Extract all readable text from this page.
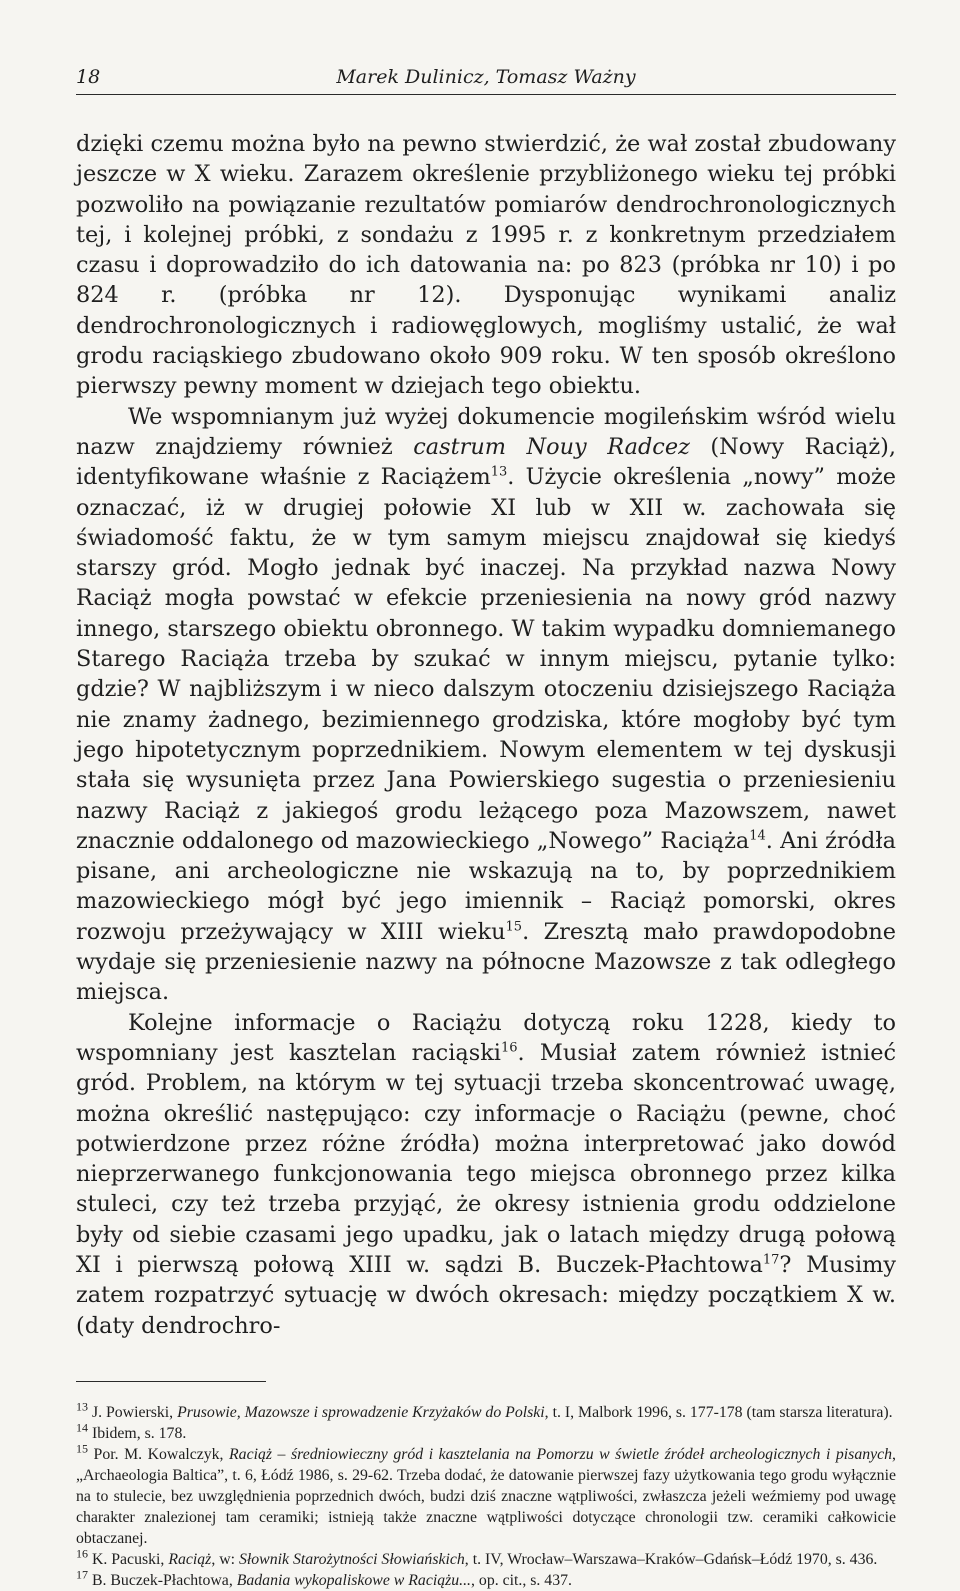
18	Marek Dulinicz, Tomasz Ważny

dzięki czemu można było na pewno stwierdzić, że wał został zbudowany jeszcze w X wieku. Zarazem określenie przybliżonego wieku tej próbki pozwoliło na powiązanie rezultatów pomiarów dendrochronologicznych tej, i kolejnej próbki, z sondażu z 1995 r. z konkretnym przedziałem czasu i doprowadziło do ich datowania na: po 823 (próbka nr 10) i po 824 r. (próbka nr 12). Dysponując wynikami analiz dendrochronologicznych i radiowęglowych, mogliśmy ustalić, że wał grodu raciąskiego zbudowano około 909 roku. W ten sposób określono pierwszy pewny moment w dziejach tego obiektu.

We wspomnianym już wyżej dokumencie mogileńskim wśród wielu nazw znajdziemy również castrum Nouy Radcez (Nowy Raciąż), identyfikowane właśnie z Raciążem$^{13}$. Użycie określenia „nowy” może oznaczać, iż w drugiej połowie XI lub w XII w. zachowała się świadomość faktu, że w tym samym miejscu znajdował się kiedyś starszy gród. Mogło jednak być inaczej. Na przykład nazwa Nowy Raciąż mogła powstać w efekcie przeniesienia na nowy gród nazwy innego, starszego obiektu obronnego. W takim wypadku domniemanego Starego Raciąża trzeba by szukać w innym miejscu, pytanie tylko: gdzie? W najbliższym i w nieco dalszym otoczeniu dzisiejszego Raciąża nie znamy żadnego, bezimiennego grodziska, które mogłoby być tym jego hipotetycznym poprzednikiem. Nowym elementem w tej dyskusji stała się wysunięta przez Jana Powierskiego sugestia o przeniesieniu nazwy Raciąż z jakiegoś grodu leżącego poza Mazowszem, nawet znacznie oddalonego od mazowieckiego „Nowego” Raciąża$^{14}$. Ani źródła pisane, ani archeologiczne nie wskazują na to, by poprzednikiem mazowieckiego mógł być jego imiennik – Raciąż pomorski, okres rozwoju przeżywający w XIII wieku$^{15}$. Zresztą mało prawdopodobne wydaje się przeniesienie nazwy na północne Mazowsze z tak odległego miejsca.

Kolejne informacje o Raciążu dotyczą roku 1228, kiedy to wspomniany jest kasztelan raciąski$^{16}$. Musiał zatem również istnieć gród. Problem, na którym w tej sytuacji trzeba skoncentrować uwagę, można określić następująco: czy informacje o Raciążu (pewne, choć potwierdzone przez różne źródła) można interpretować jako dowód nieprzerwanego funkcjonowania tego miejsca obronnego przez kilka stuleci, czy też trzeba przyjąć, że okresy istnienia grodu oddzielone były od siebie czasami jego upadku, jak o latach między drugą połową XI i pierwszą połową XIII w. sądzi B. Buczek-Płachtowa$^{17}$? Musimy zatem rozpatrzyć sytuację w dwóch okresach: między początkiem X w. (daty dendrochro-

$^{13}$ J. Powierski, Prusowie, Mazowsze i sprowadzenie Krzyżaków do Polski, t. I, Malbork 1996, s. 177-178 (tam starsza literatura).

$^{14}$ Ibidem, s. 178.

$^{15}$ Por. M. Kowalczyk, Raciąż – średniowieczny gród i kasztelania na Pomorzu w świetle źródeł archeologicznych i pisanych, „Archaeologia Baltica”, t. 6, Łódź 1986, s. 29-62. Trzeba dodać, że datowanie pierwszej fazy użytkowania tego grodu wyłącznie na to stulecie, bez uwzględnienia poprzednich dwóch, budzi dziś znaczne wątpliwości, zwłaszcza jeżeli weźmiemy pod uwagę charakter znalezionej tam ceramiki; istnieją także znaczne wątpliwości dotyczące chronologii tzw. ceramiki całkowicie obtaczanej.

$^{16}$ K. Pacuski, Raciąż, w: Słownik Starożytności Słowiańskich, t. IV, Wrocław–Warszawa–Kraków–Gdańsk–Łódź 1970, s. 436.

$^{17}$ B. Buczek-Płachtowa, Badania wykopaliskowe w Raciążu..., op. cit., s. 437.
